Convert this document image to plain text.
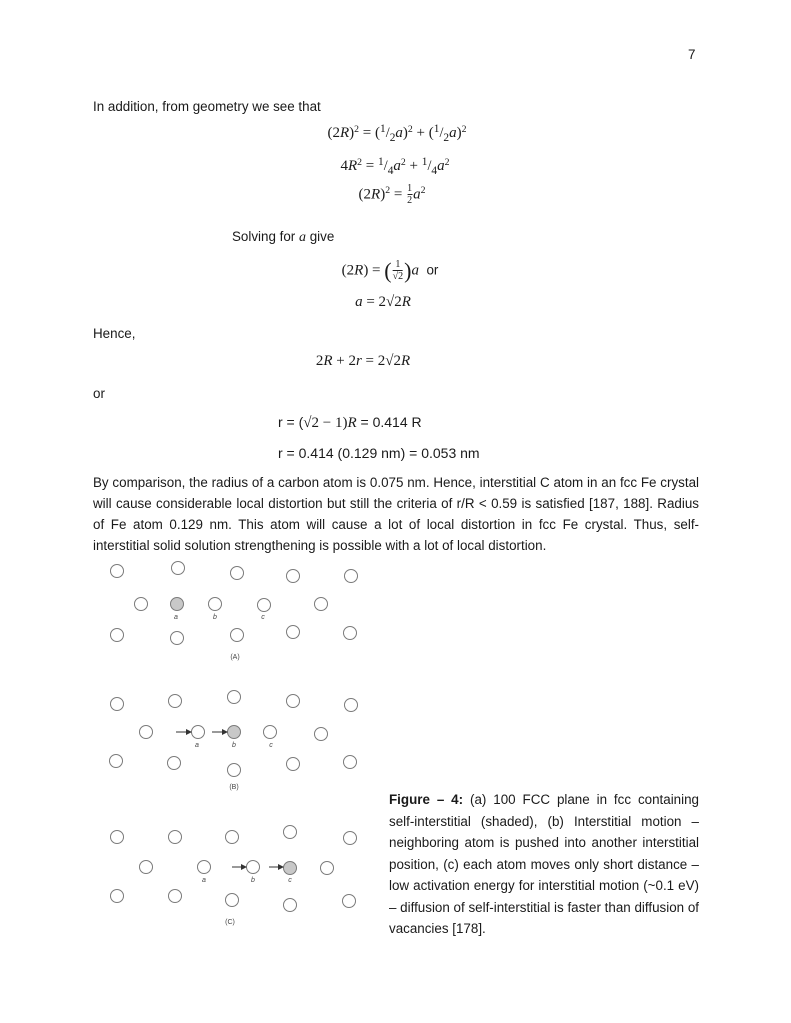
7
In addition, from geometry we see that
$(2R)^2 = (^1/_2a)^2 + (^1/_2a)^2$
$4R^2 = ^1/_4a^2 + ^1/_4a^2$
$(2R)^2 = \frac{1}{2} a^2$
Solving for a give
(2R) = ( $\frac{1}{√2} )a$ or
a = 2√2R
Hence,
2R + 2r = 2√2R
or
r = (√2 − 1)R = 0.414 R
r = 0.414 (0.129 nm) = 0.053 nm
By comparison, the radius of a carbon atom is 0.075 nm. Hence, interstitial C atom in an fcc Fe crystal will cause considerable local distortion but still the criteria of r/R < 0.59 is satisfied [187, 188]. Radius of Fe atom 0.129 nm. This atom will cause a lot of local distortion in fcc Fe crystal. Thus, self-interstitial solid solution strengthening is possible with a lot of local distortion.
a	b	c
(A)
a	b	c
(B)
a	b	c
(C)
Figure – 4: (a) 100 FCC plane in fcc containing self-interstitial (shaded), (b) Interstitial motion – neighboring atom is pushed into another interstitial position, (c) each atom moves only short distance – low activation energy for interstitial motion (~0.1 eV) – diffusion of self-interstitial is faster than diffusion of vacancies [178].
